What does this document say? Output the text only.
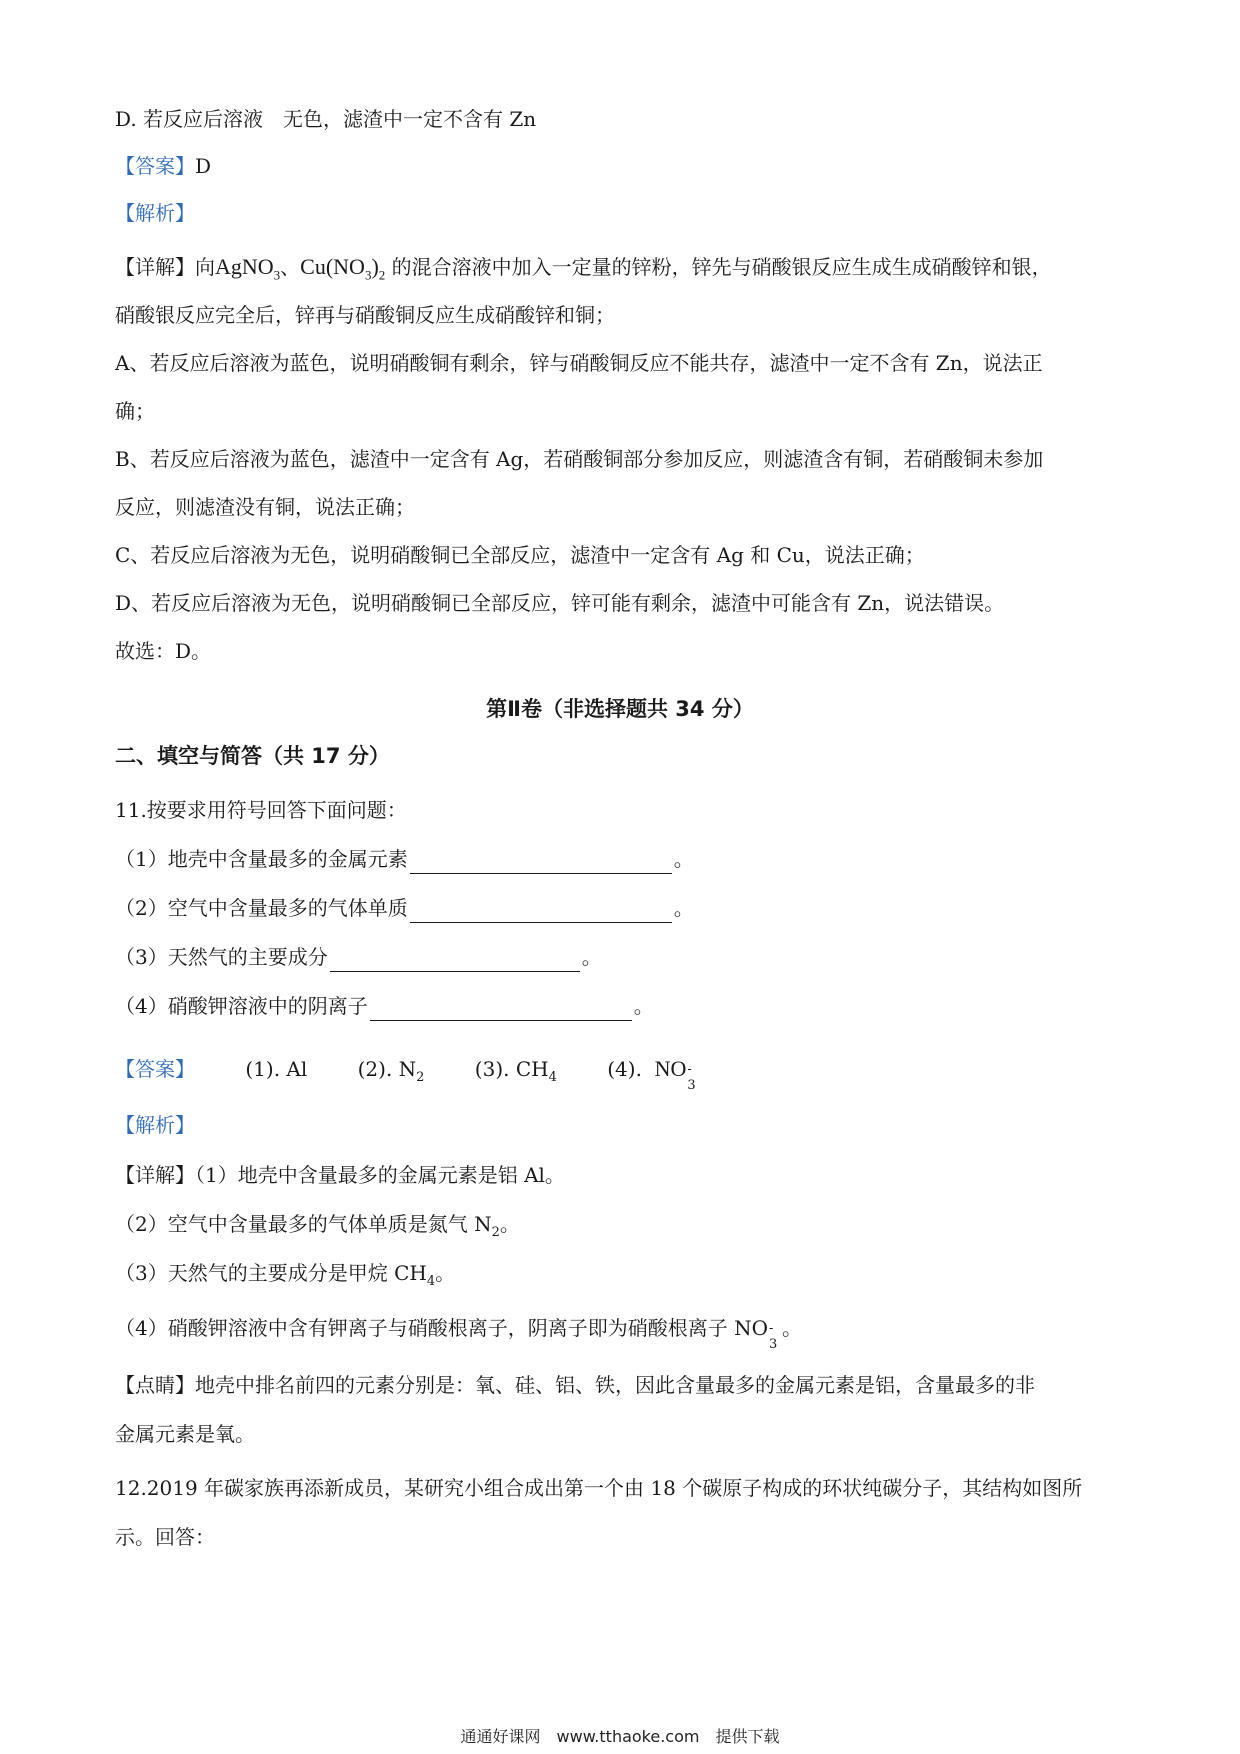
D. 若反应后溶液　无色，滤渣中一定不含有 Zn
【答案】D
【解析】
【详解】向AgNO$_3$、$Cu(NO_3)_2$ 的混合溶液中加入一定量的锌粉，锌先与硝酸银反应生成生成硝酸锌和银，
硝酸银反应完全后，锌再与硝酸铜反应生成硝酸锌和铜；
A、若反应后溶液为蓝色，说明硝酸铜有剩余，锌与硝酸铜反应不能共存，滤渣中一定不含有 Zn，说法正
确；
B、若反应后溶液为蓝色，滤渣中一定含有 Ag，若硝酸铜部分参加反应，则滤渣含有铜，若硝酸铜未参加
反应，则滤渣没有铜，说法正确；
C、若反应后溶液为无色，说明硝酸铜已全部反应，滤渣中一定含有 Ag 和 Cu，说法正确；
D、若反应后溶液为无色，说明硝酸铜已全部反应，锌可能有剩余，滤渣中可能含有 Zn，说法错误。
故选：D。
第Ⅱ卷（非选择题共 34 分）
二、填空与简答（共 17 分）
11.按要求用符号回答下面问题：
（1）地壳中含量最多的金属元素	。
（2）空气中含量最多的气体单质	。
（3）天然气的主要成分	。
（4）硝酸钾溶液中的阴离子	。
【答案】	(1). Al	(2). $N_2$	(3). $CH_4$	(4). NO -
3
【解析】
【详解】（1）地壳中含量最多的金属元素是铝 Al。
（2）空气中含量最多的气体单质是氮气 $N_2$。
（3）天然气的主要成分是甲烷 $CH_4$。
（4）硝酸钾溶液中含有钾离子与硝酸根离子，阴离子即为硝酸根离子 NO -
3
。
【点睛】地壳中排名前四的元素分别是：氧、硅、铝、铁，因此含量最多的金属元素是铝，含量最多的非
金属元素是氧。
12.2019 年碳家族再添新成员，某研究小组合成出第一个由 18 个碳原子构成的环状纯碳分子，其结构如图所
示。回答：
通通好课网　www.tthaoke.com　提供下载
